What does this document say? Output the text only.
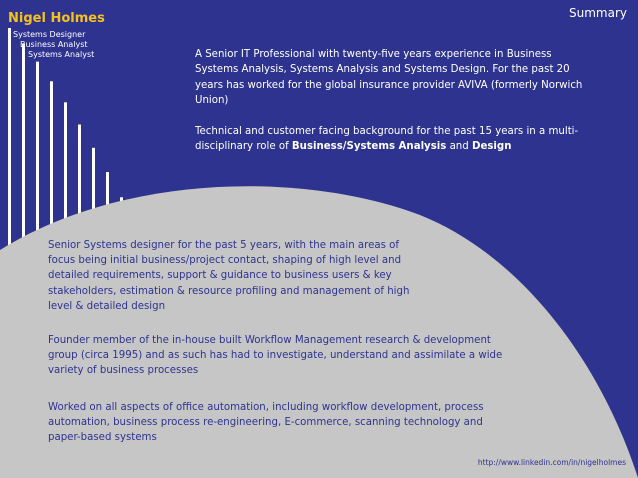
Nigel Holmes
Systems Designer
Business Analyst
Systems Analyst
Summary
A Senior IT Professional with twenty-five years experience in Business Systems Analysis, Systems Analysis and Systems Design. For the past 20 years has worked for the global insurance provider AVIVA (formerly Norwich Union)
Technical and customer facing background for the past 15 years in a multi-disciplinary role of Business/Systems Analysis and Design
Senior Systems designer for the past 5 years, with the main areas of focus being initial business/project contact, shaping of high level and detailed requirements, support & guidance to business users & key stakeholders, estimation & resource profiling and management of high level & detailed design
Founder member of the in-house built Workflow Management research & development group (circa 1995) and as such has had to investigate, understand and assimilate a wide variety of business processes
Worked on all aspects of office automation, including workflow development, process automation, business process re-engineering, E-commerce, scanning technology and paper-based systems
http://www.linkedin.com/in/nigelholmes
